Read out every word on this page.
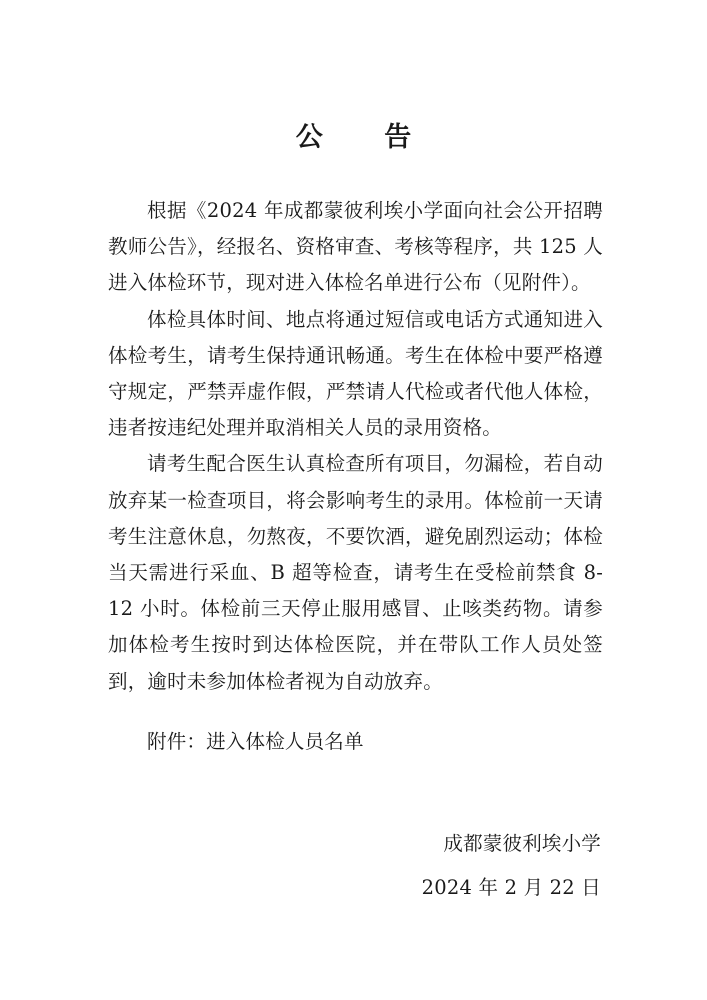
公 告

根据《2024 年成都蒙彼利埃小学面向社会公开招聘教师公告》，经报名、资格审查、考核等程序，共 125 人进入体检环节，现对进入体检名单进行公布（见附件）。

体检具体时间、地点将通过短信或电话方式通知进入体检考生，请考生保持通讯畅通。考生在体检中要严格遵守规定，严禁弄虚作假，严禁请人代检或者代他人体检，违者按违纪处理并取消相关人员的录用资格。

请考生配合医生认真检查所有项目，勿漏检，若自动放弃某一检查项目，将会影响考生的录用。体检前一天请考生注意休息，勿熬夜，不要饮酒，避免剧烈运动；体检当天需进行采血、B 超等检查，请考生在受检前禁食 8-12 小时。体检前三天停止服用感冒、止咳类药物。请参加体检考生按时到达体检医院，并在带队工作人员处签到，逾时未参加体检者视为自动放弃。

附件：进入体检人员名单
成都蒙彼利埃小学
2024 年 2 月 22 日
